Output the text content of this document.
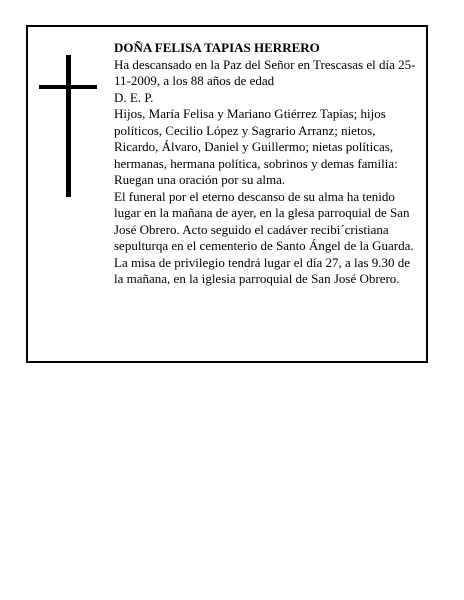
DOÑA FELISA TAPIAS HERRERO

Ha descansado en la Paz del Señor en Trescasas el día 25-11-2009, a los 88 años de edad

D. E. P.

Hijos, María Felisa y Mariano Gtiérrez Tapias; hijos políticos, Cecilio López y Sagrario Arranz; nietos, Ricardo, Álvaro, Daniel y Guillermo; nietas políticas, hermanas, hermana política, sobrinos y demas familia:

Ruegan una oración por su alma.

El funeral por el eterno descanso de su alma ha tenido lugar en la mañana de ayer, en la glesa parroquial de San José Obrero. Acto seguido el cadáver recibi´cristiana sepulturqa en el cementerio de Santo Ángel de la Guarda. La misa de privilegio tendrá lugar el día 27, a las 9.30 de la mañana, en la iglesia parroquial de San José Obrero.
